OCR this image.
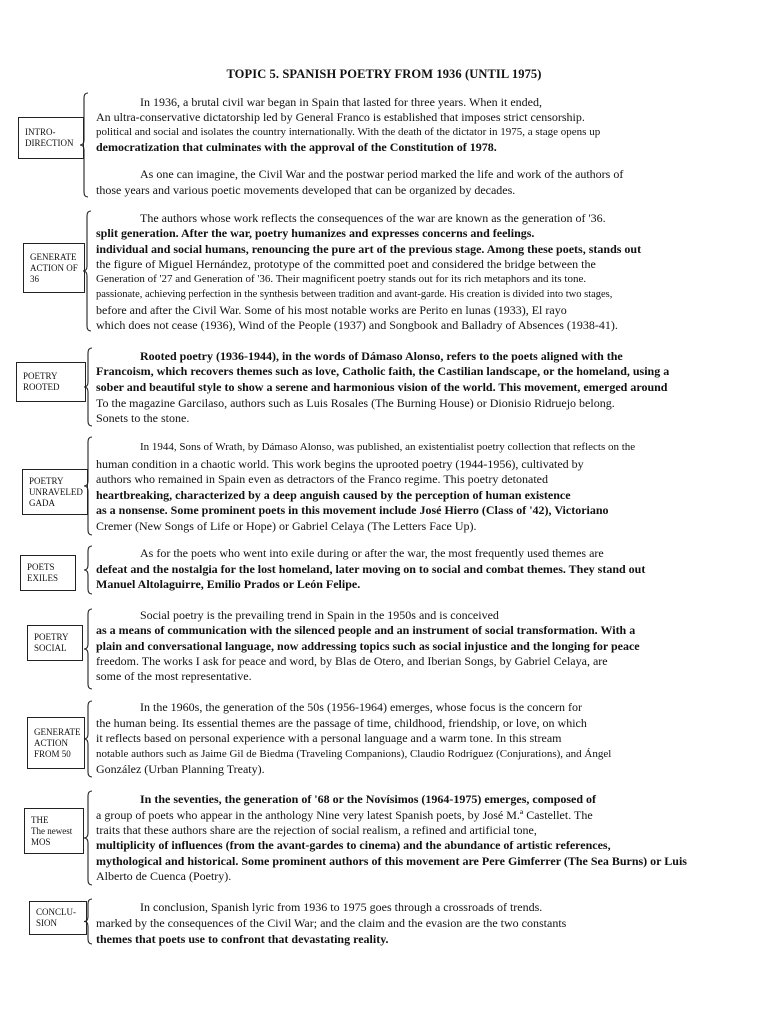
TOPIC 5. SPANISH POETRY FROM 1936 (UNTIL 1975)
INTRO-
DIRECTION
In 1936, a brutal civil war began in Spain that lasted for three years. When it ended,
An ultra-conservative dictatorship led by General Franco is established that imposes strict censorship.
political and social and isolates the country internationally. With the death of the dictator in 1975, a stage opens up
democratization that culminates with the approval of the Constitution of 1978.
As one can imagine, the Civil War and the postwar period marked the life and work of the authors of
those years and various poetic movements developed that can be organized by decades.
GENERATE
ACTION OF
36
The authors whose work reflects the consequences of the war are known as the generation of '36.
split generation. After the war, poetry humanizes and expresses concerns and feelings.
individual and social humans, renouncing the pure art of the previous stage. Among these poets, stands out
the figure of Miguel Hernández, prototype of the committed poet and considered the bridge between the
Generation of '27 and Generation of '36. Their magnificent poetry stands out for its rich metaphors and its tone.
passionate, achieving perfection in the synthesis between tradition and avant-garde. His creation is divided into two stages,
before and after the Civil War. Some of his most notable works are Perito en lunas (1933), El rayo
which does not cease (1936), Wind of the People (1937) and Songbook and Balladry of Absences (1938-41).
POETRY
ROOTED
Rooted poetry (1936-1944), in the words of Dámaso Alonso, refers to the poets aligned with the
Francoism, which recovers themes such as love, Catholic faith, the Castilian landscape, or the homeland, using a
sober and beautiful style to show a serene and harmonious vision of the world. This movement, emerged around
To the magazine Garcilaso, authors such as Luis Rosales (The Burning House) or Dionisio Ridruejo belong.
Sonets to the stone.
POETRY
UNRAVELED
GADA
In 1944, Sons of Wrath, by Dámaso Alonso, was published, an existentialist poetry collection that reflects on the
human condition in a chaotic world. This work begins the uprooted poetry (1944-1956), cultivated by
authors who remained in Spain even as detractors of the Franco regime. This poetry detonated
heartbreaking, characterized by a deep anguish caused by the perception of human existence
as a nonsense. Some prominent poets in this movement include José Hierro (Class of '42), Victoriano
Cremer (New Songs of Life or Hope) or Gabriel Celaya (The Letters Face Up).
POETS
EXILES
As for the poets who went into exile during or after the war, the most frequently used themes are
defeat and the nostalgia for the lost homeland, later moving on to social and combat themes. They stand out
Manuel Altolaguirre, Emilio Prados or León Felipe.
POETRY
SOCIAL
Social poetry is the prevailing trend in Spain in the 1950s and is conceived
as a means of communication with the silenced people and an instrument of social transformation. With a
plain and conversational language, now addressing topics such as social injustice and the longing for peace
freedom. The works I ask for peace and word, by Blas de Otero, and Iberian Songs, by Gabriel Celaya, are
some of the most representative.
GENERATE
ACTION
FROM 50
In the 1960s, the generation of the 50s (1956-1964) emerges, whose focus is the concern for
the human being. Its essential themes are the passage of time, childhood, friendship, or love, on which
it reflects based on personal experience with a personal language and a warm tone. In this stream
notable authors such as Jaime Gil de Biedma (Traveling Companions), Claudio Rodríguez (Conjurations), and Ángel
González (Urban Planning Treaty).
THE
The newest
MOS
In the seventies, the generation of '68 or the Novísimos (1964-1975) emerges, composed of
a group of poets who appear in the anthology Nine very latest Spanish poets, by José M.ª Castellet. The
traits that these authors share are the rejection of social realism, a refined and artificial tone,
multiplicity of influences (from the avant-gardes to cinema) and the abundance of artistic references,
mythological and historical. Some prominent authors of this movement are Pere Gimferrer (The Sea Burns) or Luis
Alberto de Cuenca (Poetry).
CONCLU-
SION
In conclusion, Spanish lyric from 1936 to 1975 goes through a crossroads of trends.
marked by the consequences of the Civil War; and the claim and the evasion are the two constants
themes that poets use to confront that devastating reality.
